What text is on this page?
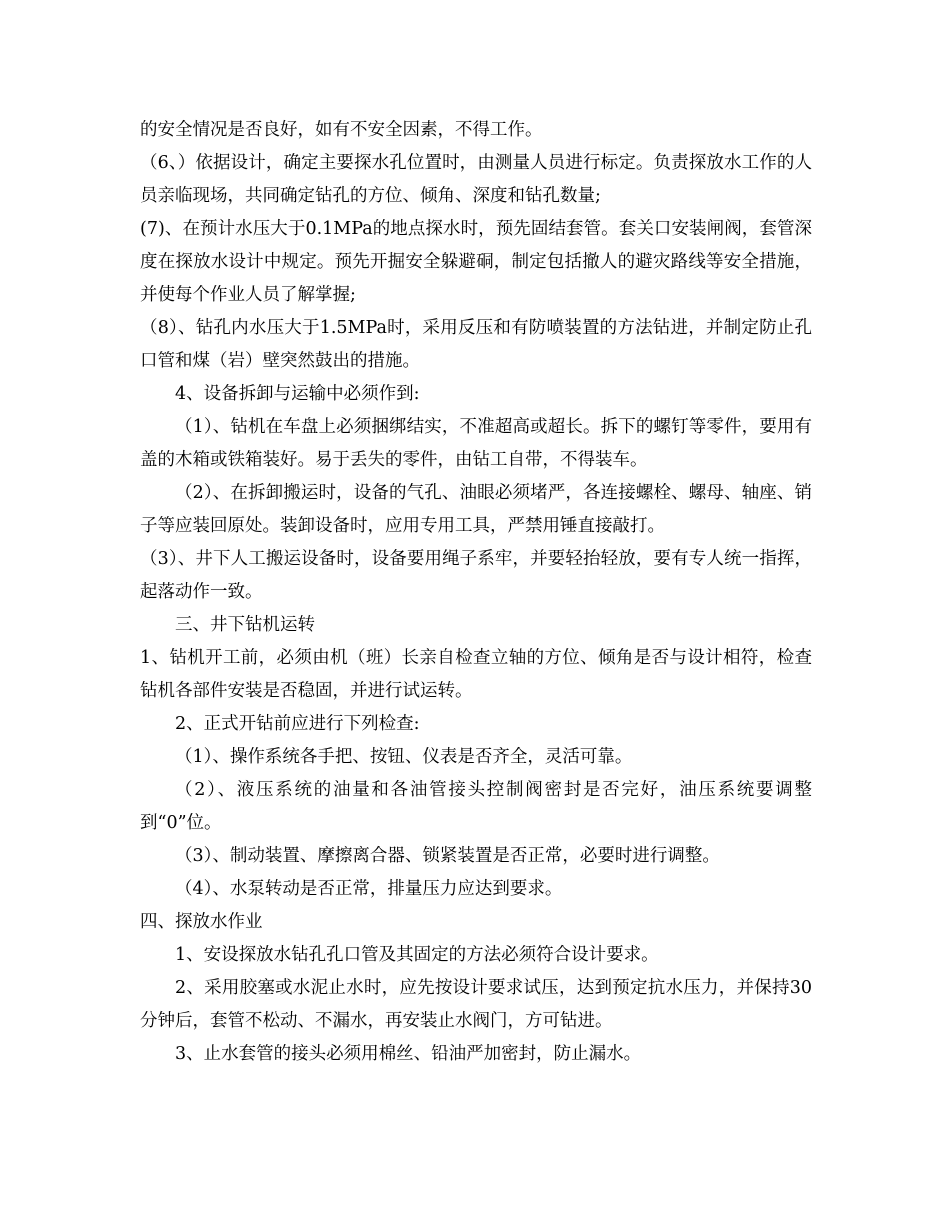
的安全情况是否良好，如有不安全因素，不得工作。

（6、）依据设计，确定主要探水孔位置时，由测量人员进行标定。负责探放水工作的人员亲临现场，共同确定钻孔的方位、倾角、深度和钻孔数量;

(7)、在预计水压大于0.1MPa的地点探水时，预先固结套管。套关口安装闸阀，套管深度在探放水设计中规定。预先开掘安全躲避硐，制定包括撤人的避灾路线等安全措施，并使每个作业人员了解掌握;

（8）、钻孔内水压大于1.5MPa时，采用反压和有防喷装置的方法钻进，并制定防止孔口管和煤（岩）壁突然鼓出的措施。

4、设备拆卸与运输中必须作到:

（1）、钻机在车盘上必须捆绑结实，不准超高或超长。拆下的螺钉等零件，要用有盖的木箱或铁箱装好。易于丢失的零件，由钻工自带，不得装车。

（2）、在拆卸搬运时，设备的气孔、油眼必须堵严，各连接螺栓、螺母、轴座、销子等应装回原处。装卸设备时，应用专用工具，严禁用锤直接敲打。

（3）、井下人工搬运设备时，设备要用绳子系牢，并要轻抬轻放，要有专人统一指挥，起落动作一致。

三、井下钻机运转

1、钻机开工前，必须由机（班）长亲自检查立轴的方位、倾角是否与设计相符，检查钻机各部件安装是否稳固，并进行试运转。

2、正式开钻前应进行下列检查:

（1）、操作系统各手把、按钮、仪表是否齐全，灵活可靠。

（2）、液压系统的油量和各油管接头控制阀密封是否完好，油压系统要调整到“0”位。

（3）、制动装置、摩擦离合器、锁紧装置是否正常，必要时进行调整。

（4）、水泵转动是否正常，排量压力应达到要求。

四、探放水作业

1、安设探放水钻孔孔口管及其固定的方法必须符合设计要求。

2、采用胶塞或水泥止水时，应先按设计要求试压，达到预定抗水压力，并保持30分钟后，套管不松动、不漏水，再安装止水阀门，方可钻进。

3、止水套管的接头必须用棉丝、铅油严加密封，防止漏水。
